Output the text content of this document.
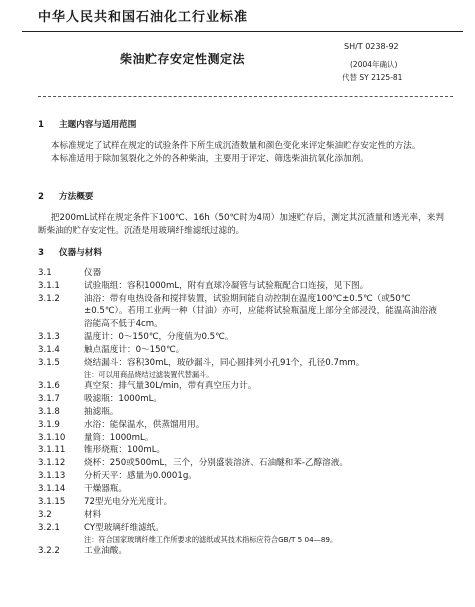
中华人民共和国石油化工行业标准
柴油贮存安定性测定法
SH/T 0238-92
(2004年确认)
代替 SY 2125-81
1 主题内容与适用范围
本标准规定了试样在规定的试验条件下所生成沉渣数量和颜色变化来评定柴油贮存安定性的方法。
本标准适用于除加氢裂化之外的各种柴油，主要用于评定、筛选柴油抗氧化添加剂。
2 方法概要
把200mL试样在规定条件下100℃、16h（50℃时为4周）加速贮存后，测定其沉渣量和透光率，来判断柴油的贮存安定性。沉渣是用玻璃纤维滤纸过滤的。
3 仪器与材料
3.1	仪器
3.1.1	试验瓶组：容积1000mL，附有直球冷凝管与试验瓶配合口连接，见下图。
3.1.2	油浴：带有电热设备和搅拌装置，试验期间能自动控制在温度100℃±0.5℃（或50℃±0.5℃）。若用工业两一种（甘油）亦可，应能将试验瓶温度上部分全部浸没，能温高油浴液浴能高不低于4cm。
3.1.3	温度计：0～150℃，分度值为0.5℃。
3.1.4	触点温度计：0～150℃。
3.1.5	烧结漏斗：容积30mL，玻砂漏斗，同心圆排列小孔91个，孔径0.7mm。
注：可以用商品烧结过滤装置代替漏斗。
3.1.6	真空泵：排气量30L/min，带有真空压力计。
3.1.7	吸滤瓶：1000mL。
3.1.8	抽滤瓶。
3.1.9	水浴：能保温水，供蒸馏用用。
3.1.10	量筒：1000mL。
3.1.11	锥形烧瓶：100mL。
3.1.12	烧杯：250或500mL，三个，分别盛装溶济、石油醚和苯-乙醇溶液。
3.1.13	分析天平：感量为0.0001g。
3.1.14	干燥器瓶。
3.1.15	72型光电分光光度计。
3.2	材料
3.2.1	CY型玻璃纤维滤纸。
注：符合国家玻璃纤维工作所要求的滤纸或其技术指标应符合GB/T 5 04—89。
3.2.2	工业油酸。
